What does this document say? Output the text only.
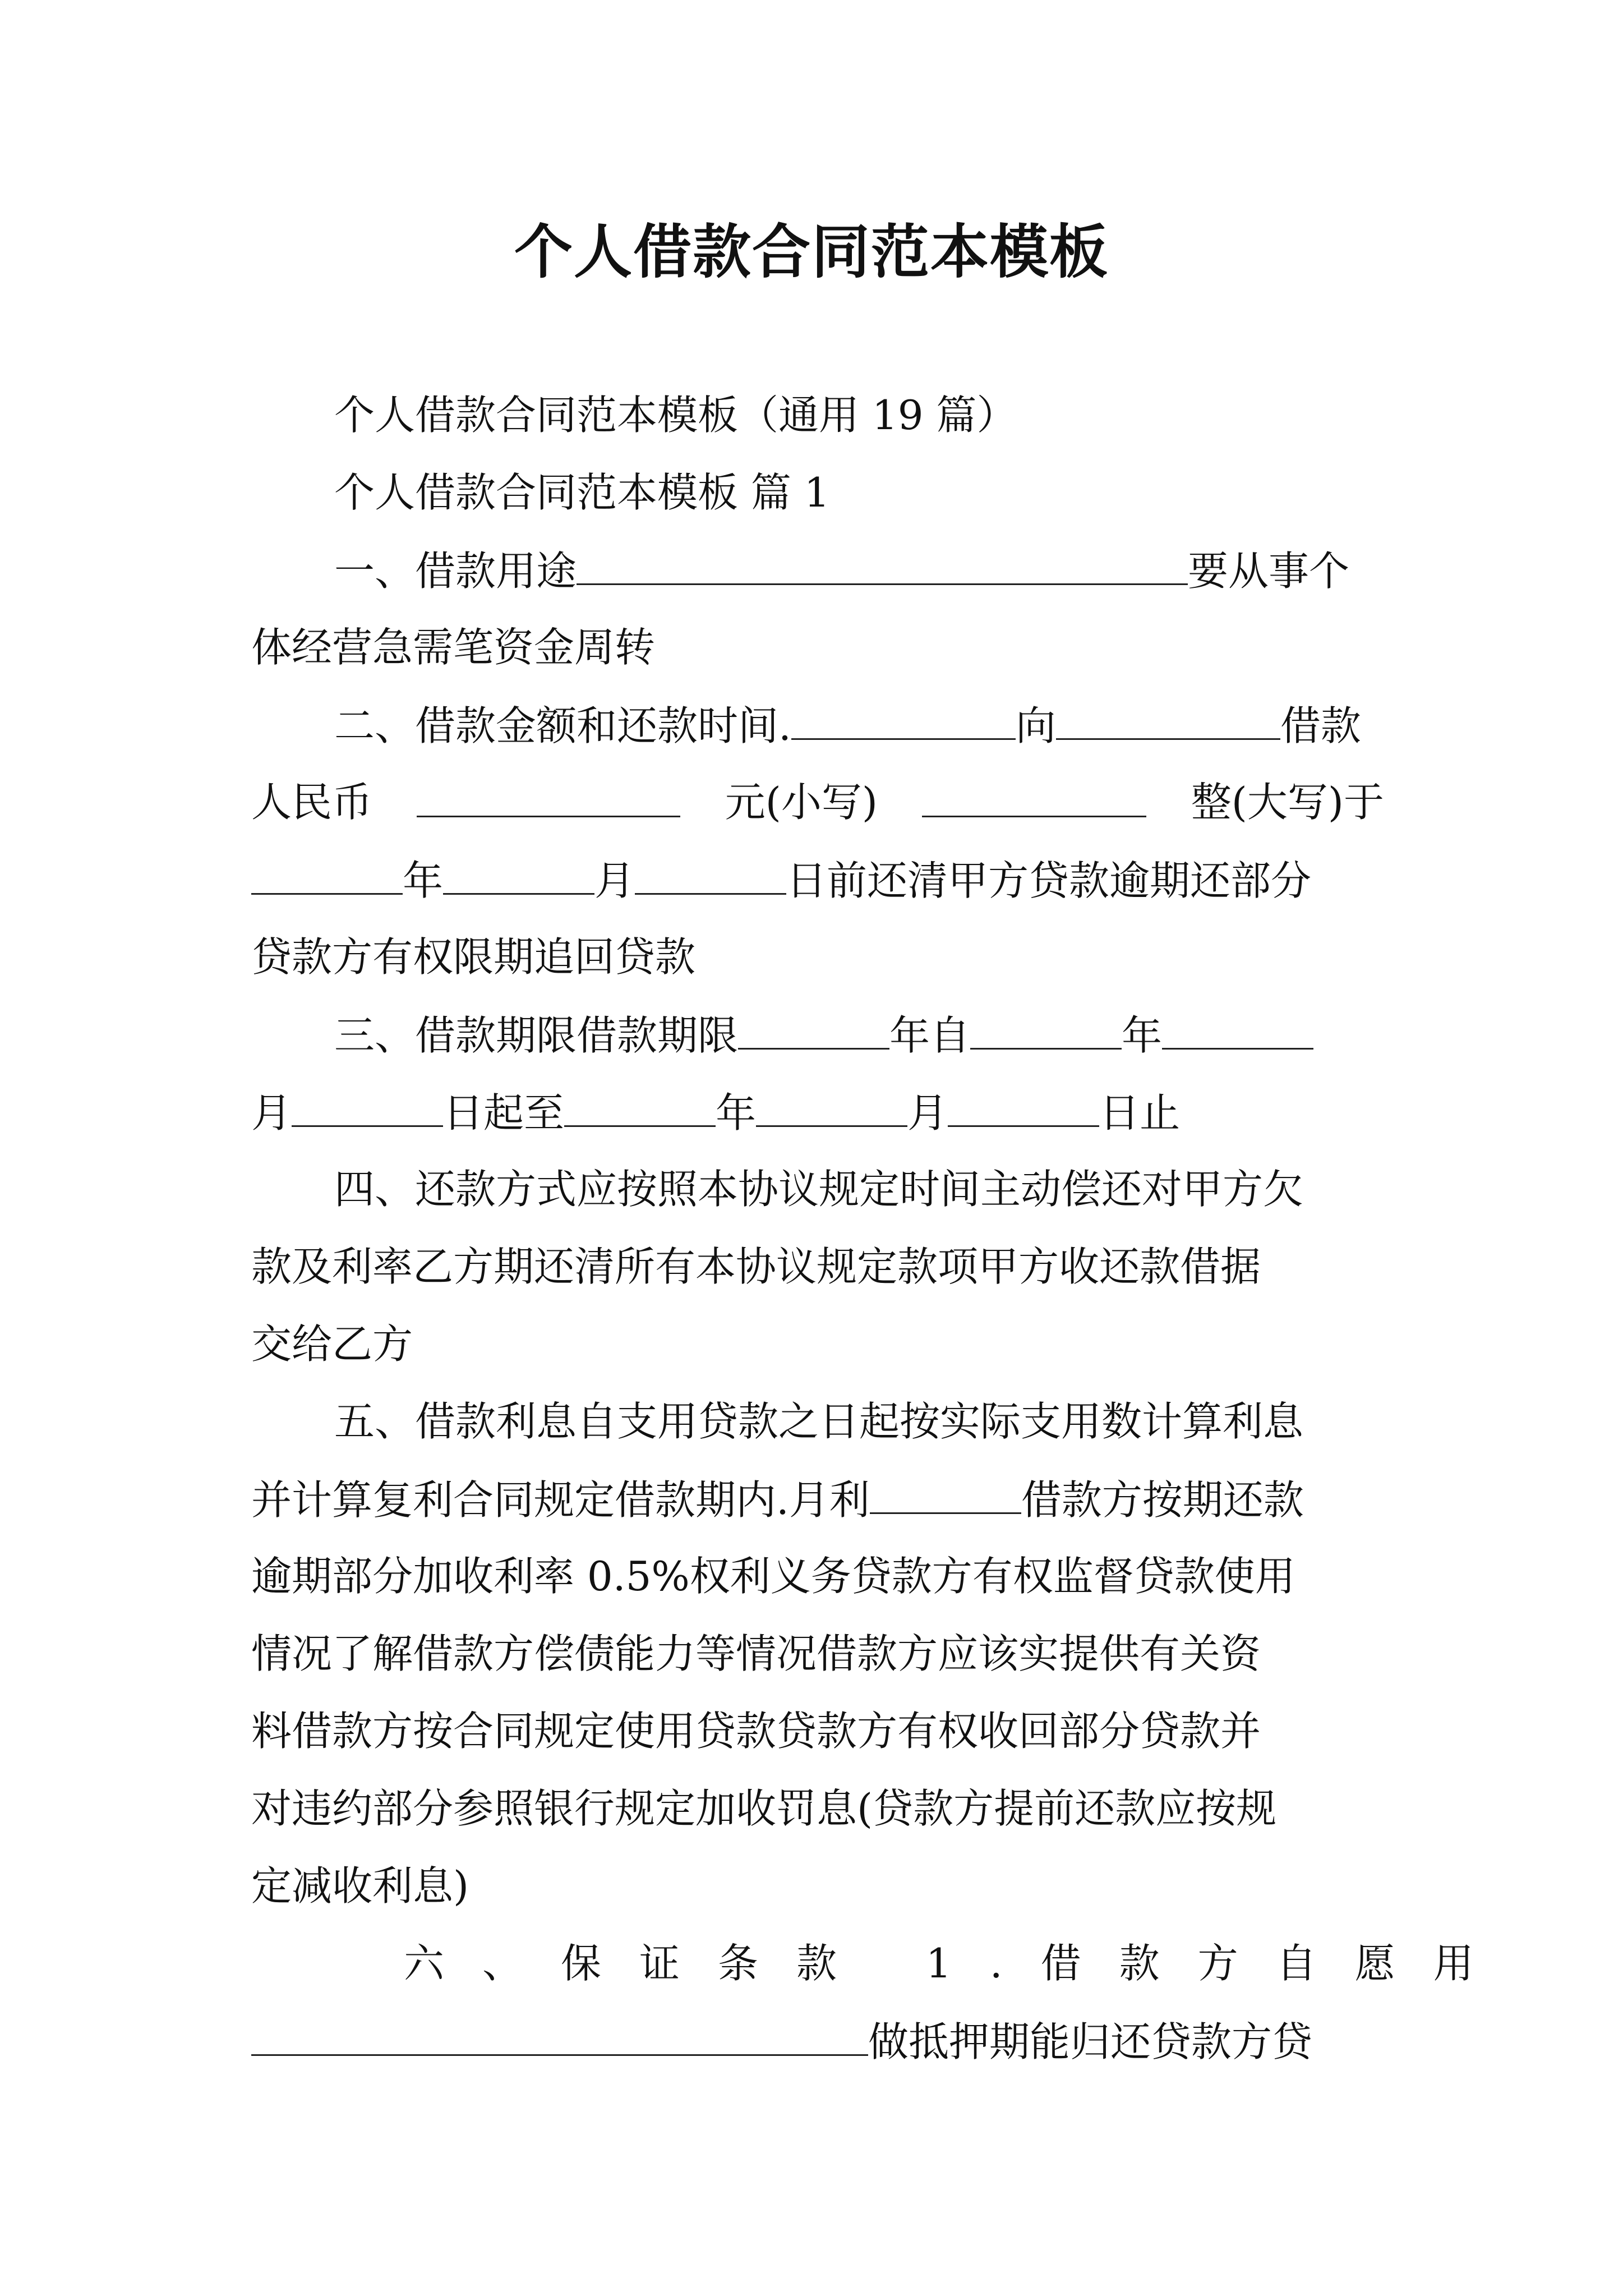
个人借款合同范本模板
个人借款合同范本模板（通用 19 篇）
个人借款合同范本模板 篇 1
一、借款用途	要从事个
体经营急需笔资金周转
二、借款金额和还款时间.	向	借款
人民币	元(小写)	整(大写)于
年	月	日前还清甲方贷款逾期还部分
贷款方有权限期追回贷款
三、借款期限借款期限	年自	年
月	日起至	年	月	日止
四、还款方式应按照本协议规定时间主动偿还对甲方欠
款及利率乙方期还清所有本协议规定款项甲方收还款借据
交给乙方
五、借款利息自支用贷款之日起按实际支用数计算利息
并计算复利合同规定借款期内.月利	借款方按期还款
逾期部分加收利率 0.5%权利义务贷款方有权监督贷款使用
情况了解借款方偿债能力等情况借款方应该实提供有关资
料借款方按合同规定使用贷款贷款方有权收回部分贷款并
对违约部分参照银行规定加收罚息(贷款方提前还款应按规
定减收利息)
六、保证条款 1.借款方自愿用
做抵押期能归还贷款方贷
